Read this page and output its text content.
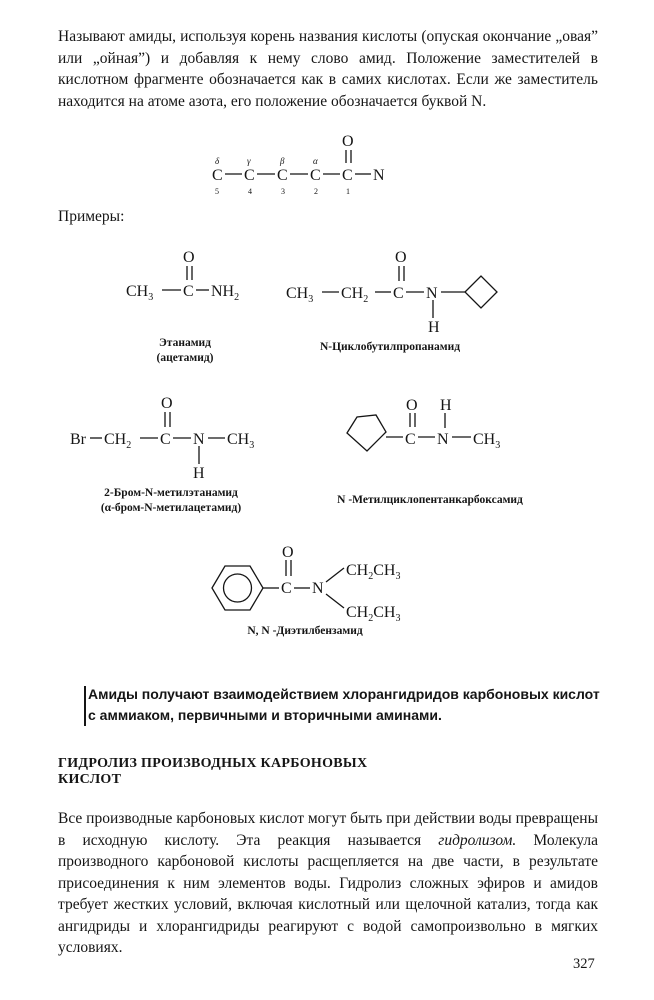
Называют амиды, используя корень названия кислоты (опуская окончание „овая” или „ойная”) и добавляя к нему слово амид. Положение заместителей в кислотном фрагменте обозначается как в самих кислотах. Если же заместитель находится на атоме азота, его положение обозначается буквой N.

C C C C C N
O
δ	γ	β	α
5	4	3	2	1
$CH_3$ C $NH_2$
O
$CH_3$ $CH_2$ C N
O
H
Br $CH_2$ C N $CH_3$
O
H
C N $CH_3$
O H
C N
O
$CH_2CH_3$
$CH_2CH_3$

Примеры:

Этанамид
(ацетамид)
N-Циклобутилпропанамид
2-Бром-N-метилэтанамид
(α-бром-N-метилацетамид)
N -Метилциклопентанкарбоксамид
N, N -Диэтилбензамид

Амиды получают взаимодействием хлорангидридов карбоновых кислот с аммиаком, первичными и вторичными аминами.

ГИДРОЛИЗ ПРОИЗВОДНЫХ КАРБОНОВЫХ КИСЛОТ

Все производные карбоновых кислот могут быть при действии воды превращены в исходную кислоту. Эта реакция называется гидролизом. Молекула производного карбоновой кислоты расщепляется на две части, в результате присоединения к ним элементов воды. Гидролиз сложных эфиров и амидов требует жестких условий, включая кислотный или щелочной катализ, тогда как ангидриды и хлорангидриды реагируют с водой самопроизвольно в мягких условиях.

327
